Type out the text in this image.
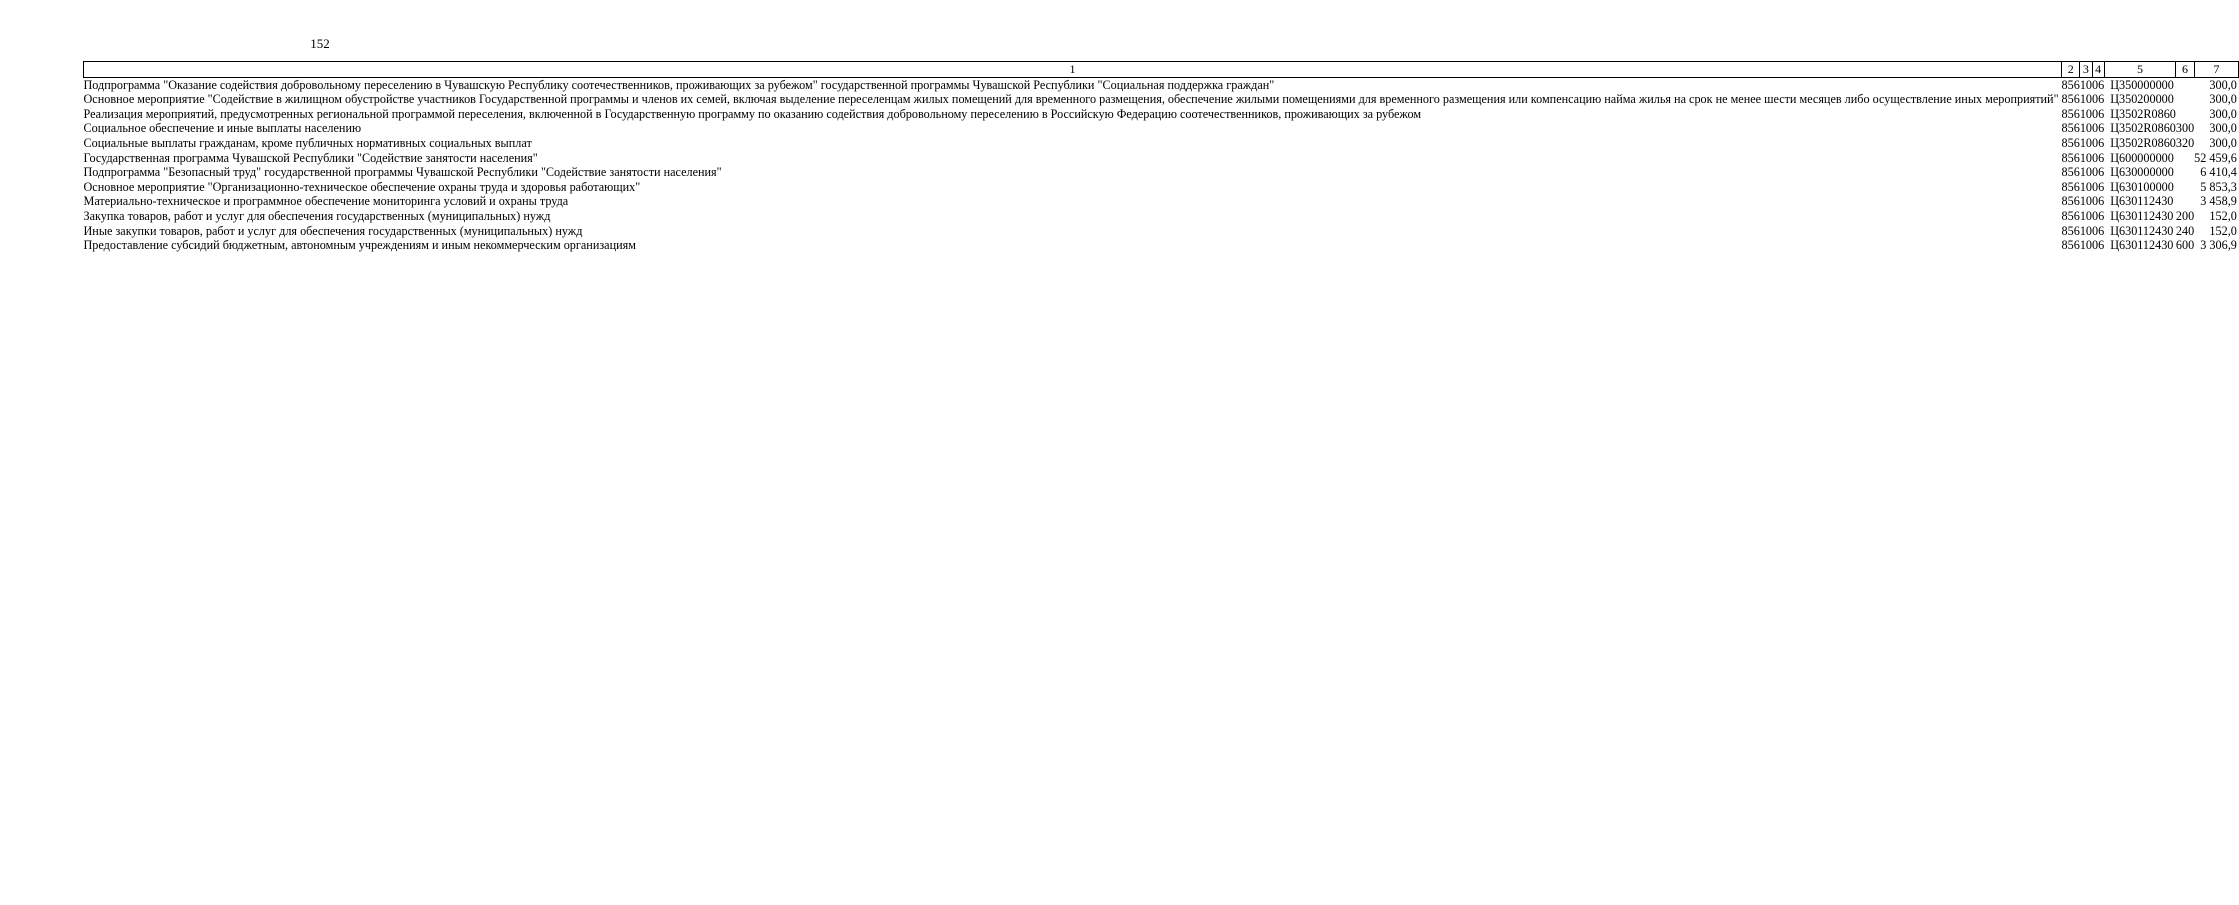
152
1	2	3	4	5	6	7
Подпрограмма "Оказание содействия добровольному переселению в Чувашскую Республику соотечественников, проживающих за рубежом" государственной программы Чувашской Республики "Социальная поддержка граждан"	856	10	06	Ц350000000		300,0
Основное мероприятие "Содействие в жилищном обустройстве участников Государственной программы и членов их семей, включая выделение переселенцам жилых помещений для временного размещения, обеспечение жилыми помещениями для временного размещения или компенсацию найма жилья на срок не менее шести месяцев либо осуществление иных мероприятий"	856	10	06	Ц350200000		300,0
Реализация мероприятий, предусмотренных региональной программой переселения, включенной в Государственную программу по оказанию содействия добровольному переселению в Российскую Федерацию соотечественников, проживающих за рубежом	856	10	06	Ц3502R0860		300,0
Социальное обеспечение и иные выплаты населению	856	10	06	Ц3502R0860	300	300,0
Социальные выплаты гражданам, кроме публичных нормативных социальных выплат	856	10	06	Ц3502R0860	320	300,0
Государственная программа Чувашской Республики "Содействие занятости населения"	856	10	06	Ц600000000		52 459,6
Подпрограмма "Безопасный труд" государственной программы Чувашской Республики "Содействие занятости населения"	856	10	06	Ц630000000		6 410,4
Основное мероприятие "Организационно-техническое обеспечение охраны труда и здоровья работающих"	856	10	06	Ц630100000		5 853,3
Материально-техническое и программное обеспечение мониторинга условий и охраны труда	856	10	06	Ц630112430		3 458,9
Закупка товаров, работ и услуг для обеспечения государственных (муниципальных) нужд	856	10	06	Ц630112430	200	152,0
Иные закупки товаров, работ и услуг для обеспечения государственных (муниципальных) нужд	856	10	06	Ц630112430	240	152,0
Предоставление субсидий бюджетным, автономным учреждениям и иным некоммерческим организациям	856	10	06	Ц630112430	600	3 306,9
